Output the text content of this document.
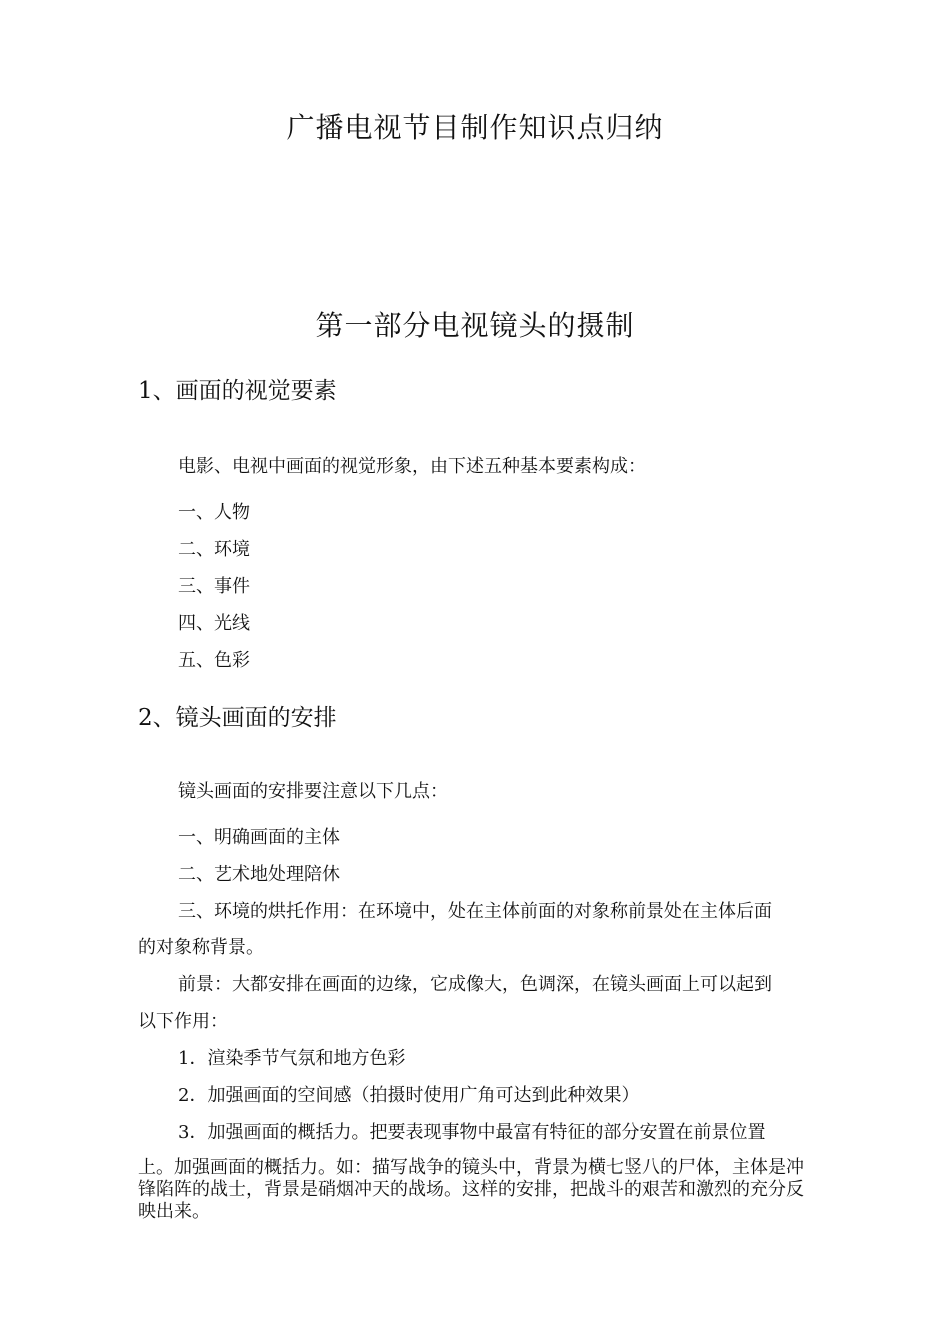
广播电视节目制作知识点归纳
第一部分电视镜头的摄制
1、画面的视觉要素
电影、电视中画面的视觉形象，由下述五种基本要素构成：
一、人物
二、环境
三、事件
四、光线
五、色彩
2、镜头画面的安排
镜头画面的安排要注意以下几点：
一、明确画面的主体
二、艺术地处理陪休
三、环境的烘托作用：在环境中，处在主体前面的对象称前景处在主体后面
的对象称背景。
前景：大都安排在画面的边缘，它成像大，色调深，在镜头画面上可以起到
以下作用：
1．渲染季节气氛和地方色彩
2．加强画面的空间感（拍摄时使用广角可达到此种效果）
3．加强画面的概括力。把要表现事物中最富有特征的部分安置在前景位置

上。加强画面的概括力。如：描写战争的镜头中，背景为横七竖八的尸体，主体是冲锋陷阵的战士，背景是硝烟冲天的战场。这样的安排，把战斗的艰苦和激烈的充分反映出来。
